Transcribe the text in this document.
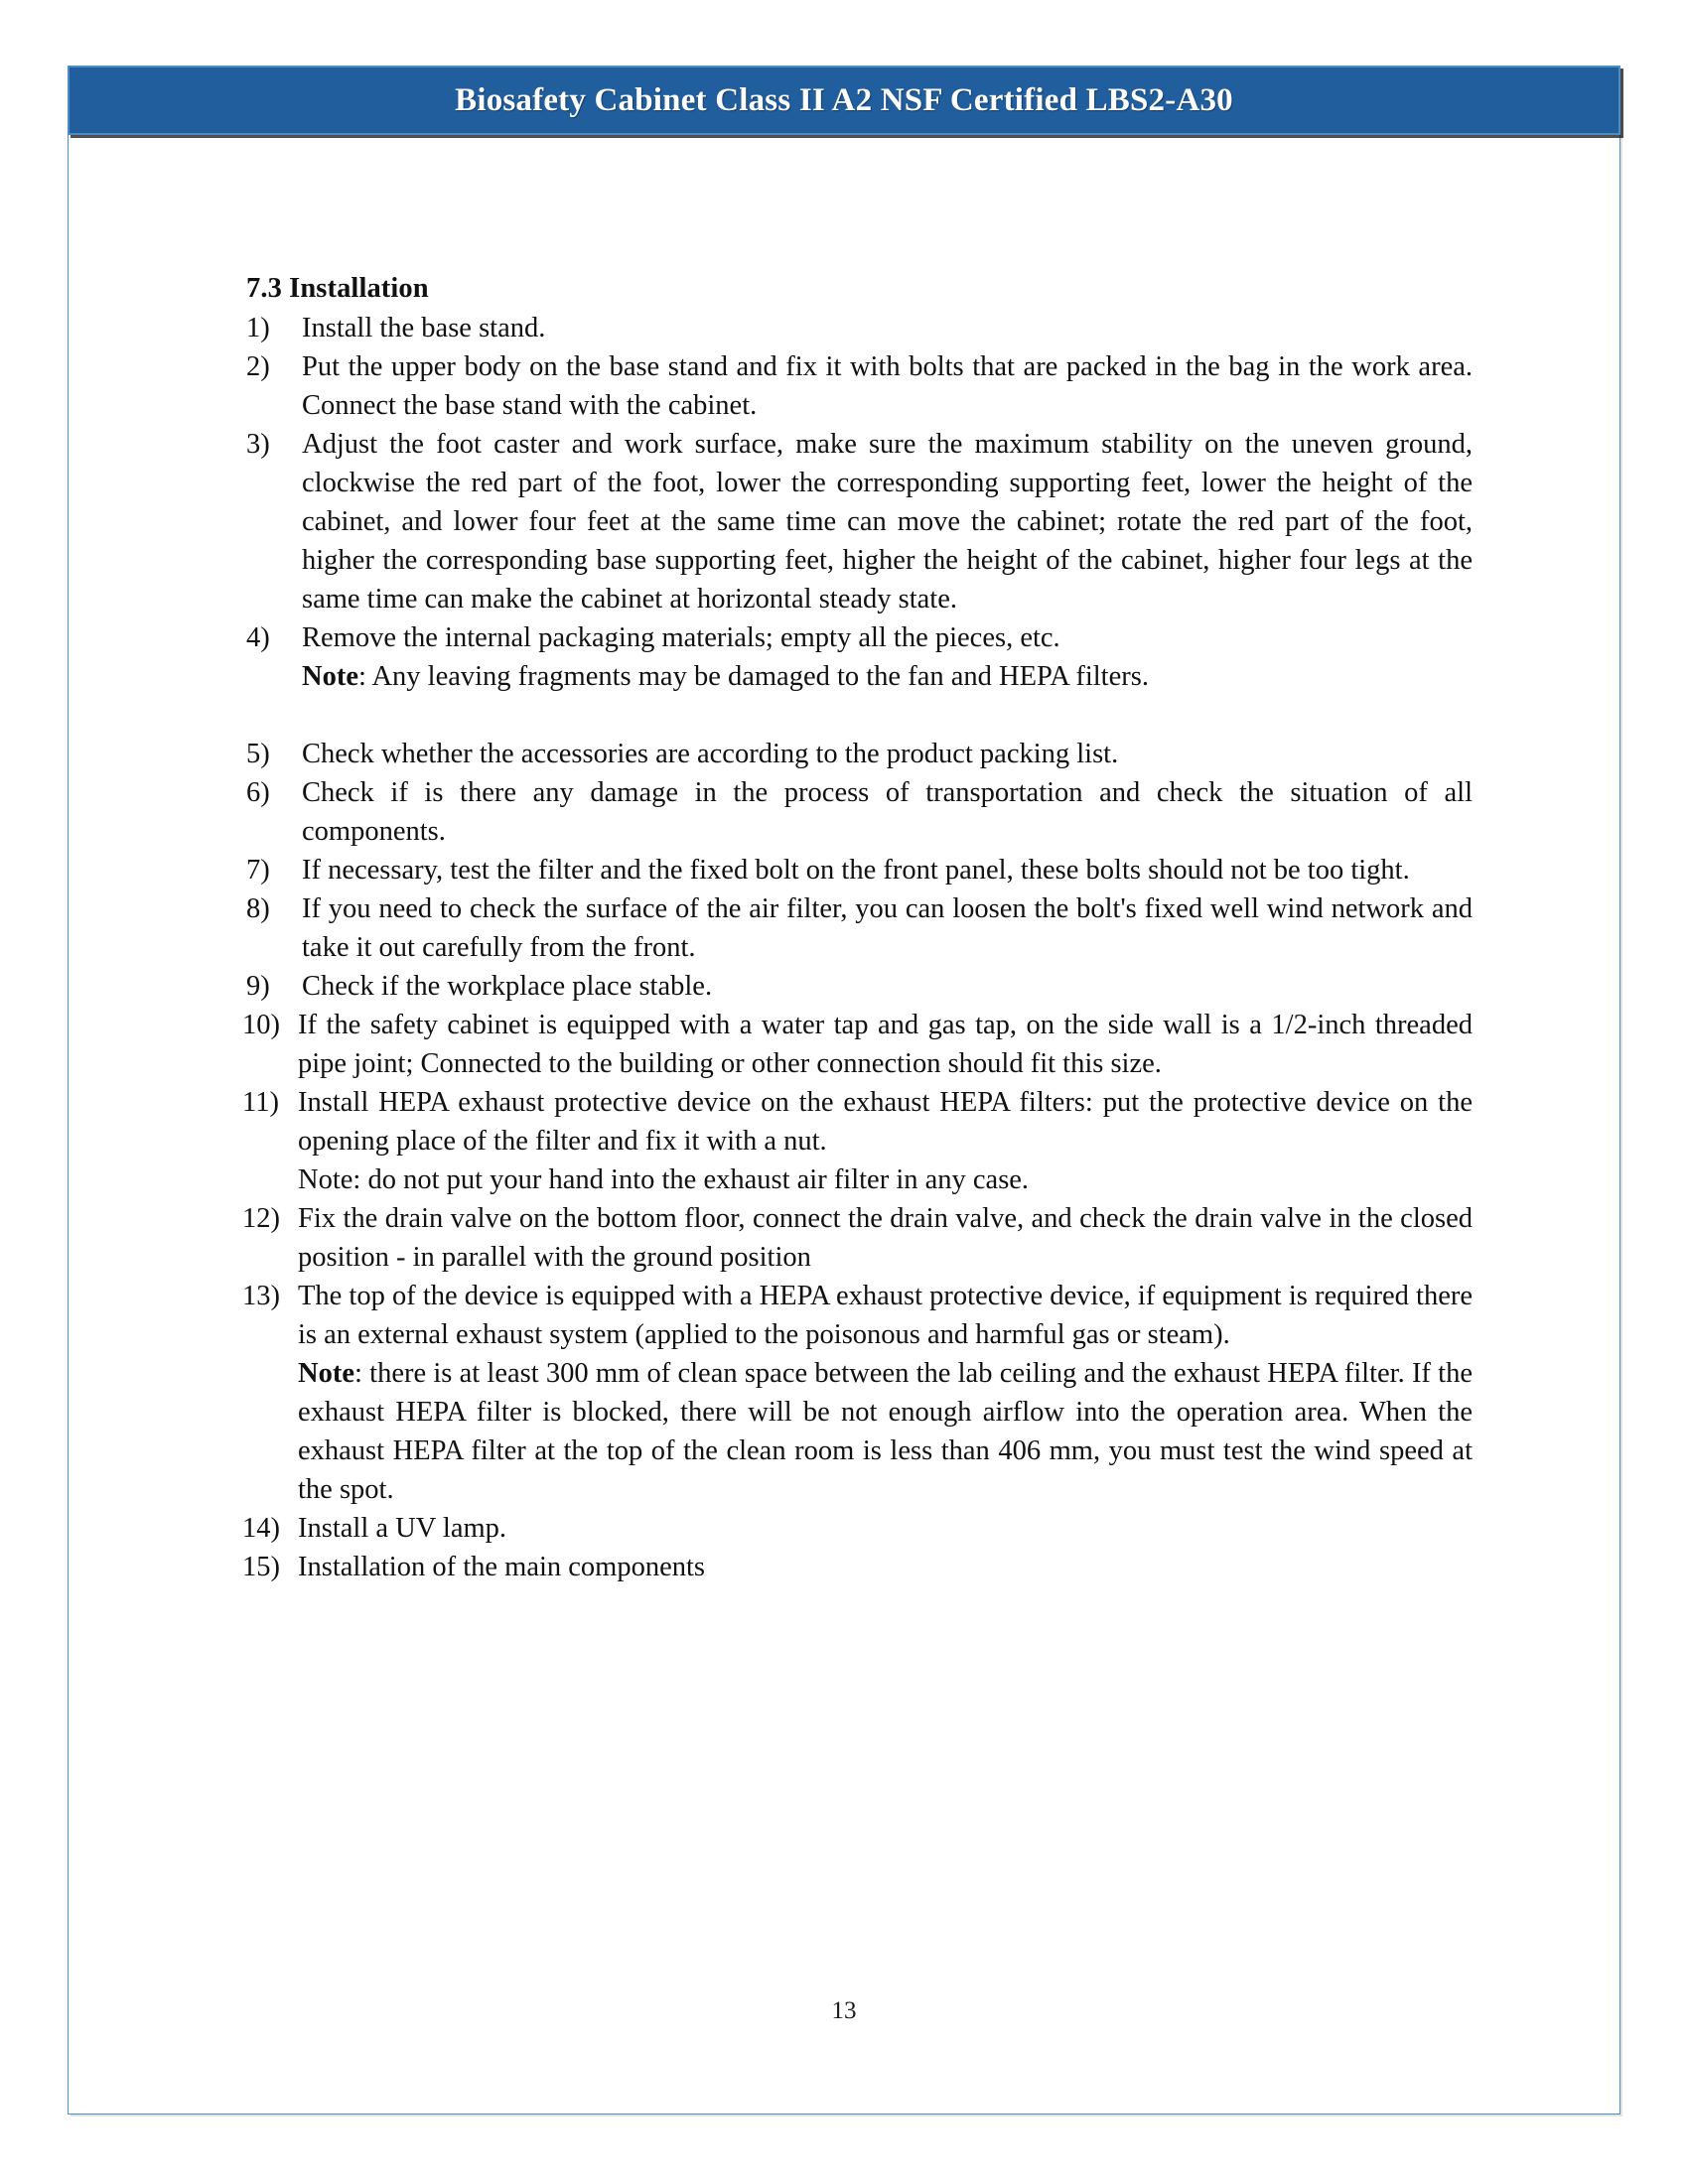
Biosafety Cabinet Class II A2 NSF Certified LBS2-A30
7.3 Installation
1)	Install the base stand.

2)	Put the upper body on the base stand and fix it with bolts that are packed in the bag in the work area. Connect the base stand with the cabinet.

3)	Adjust the foot caster and work surface, make sure the maximum stability on the uneven ground, clockwise the red part of the foot, lower the corresponding supporting feet, lower the height of the cabinet, and lower four feet at the same time can move the cabinet; rotate the red part of the foot, higher the corresponding base supporting feet, higher the height of the cabinet, higher four legs at the same time can make the cabinet at horizontal steady state.

4)	Remove the internal packaging materials; empty all the pieces, etc.

Note: Any leaving fragments may be damaged to the fan and HEPA filters.

5)	Check whether the accessories are according to the product packing list.

6)	Check if is there any damage in the process of transportation and check the situation of all components.

7)	If necessary, test the filter and the fixed bolt on the front panel, these bolts should not be too tight.

8)	If you need to check the surface of the air filter, you can loosen the bolt's fixed well wind network and take it out carefully from the front.

9)	Check if the workplace place stable.

10) If the safety cabinet is equipped with a water tap and gas tap, on the side wall is a 1/2-inch threaded pipe joint; Connected to the building or other connection should fit this size.

11) Install HEPA exhaust protective device on the exhaust HEPA filters: put the protective device on the opening place of the filter and fix it with a nut.

Note: do not put your hand into the exhaust air filter in any case.

12) Fix the drain valve on the bottom floor, connect the drain valve, and check the drain valve in the closed position - in parallel with the ground position

13) The top of the device is equipped with a HEPA exhaust protective device, if equipment is required there is an external exhaust system (applied to the poisonous and harmful gas or steam).

Note: there is at least 300 mm of clean space between the lab ceiling and the exhaust HEPA filter. If the exhaust HEPA filter is blocked, there will be not enough airflow into the operation area. When the exhaust HEPA filter at the top of the clean room is less than 406 mm, you must test the wind speed at the spot.

14) Install a UV lamp.

15) Installation of the main components

13
